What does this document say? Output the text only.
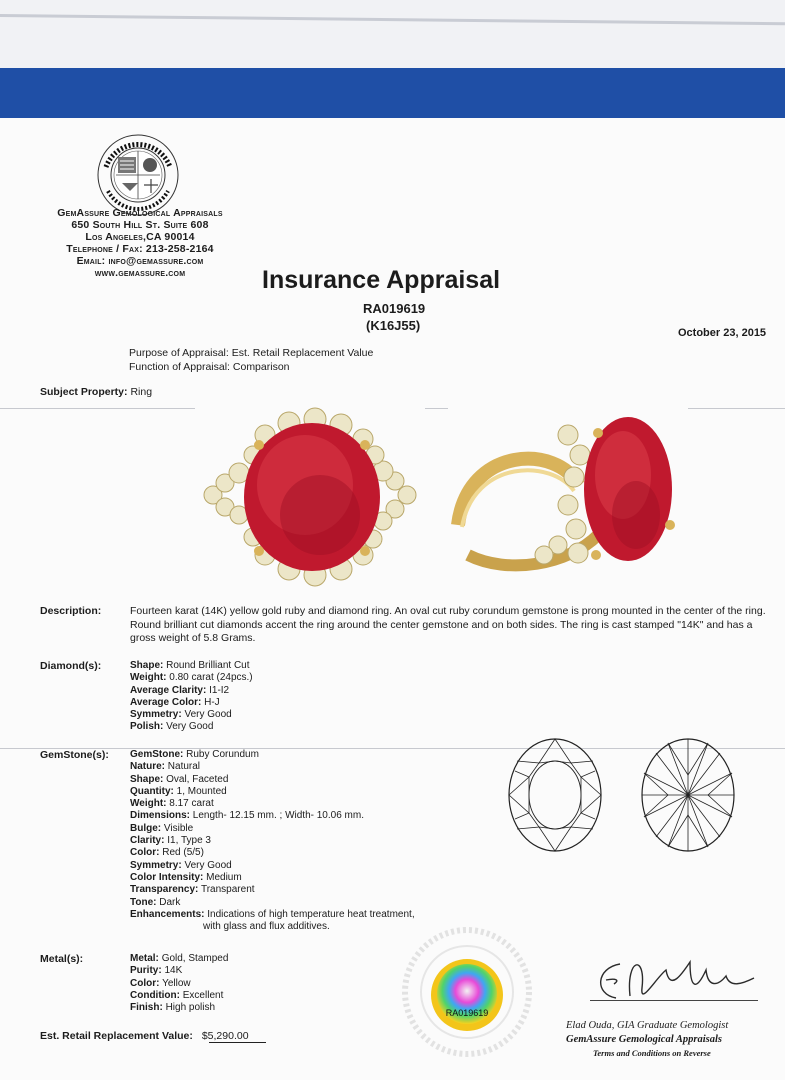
GemAssure Gemological Appraisals
650 South Hill St. Suite 608
Los Angeles,CA 90014
Telephone / Fax: 213-258-2164
Email: info@gemassure.com
www.gemassure.com	Insurance Appraisal
RA019619
(K16J55)	October 23, 2015
Purpose of Appraisal: Est. Retail Replacement Value
Function of Appraisal: Comparison
Subject Property: Ring
Description:	Fourteen karat (14K) yellow gold ruby and diamond ring. An oval cut ruby corundum gemstone is prong mounted in the center of the ring. Round brilliant cut diamonds accent the ring around the center gemstone and on both sides. The ring is cast stamped "14K" and has a gross weight of 5.8 Grams.
Diamond(s):	Shape: Round Brilliant Cut
Weight: 0.80 carat (24pcs.)
Average Clarity: I1-I2
Average Color: H-J
Symmetry: Very Good
Polish: Very Good
GemStone(s): GemStone: Ruby Corundum
Nature: Natural
Shape: Oval, Faceted
Quantity: 1, Mounted
Weight: 8.17 carat
Dimensions: Length- 12.15 mm. ; Width- 10.06 mm.
Bulge: Visible
Clarity: I1, Type 3
Color: Red (5/5)
Symmetry: Very Good
Color Intensity: Medium
Transparency: Transparent
Tone: Dark
Enhancements: Indications of high temperature heat treatment,
with glass and flux additives.
Metal(s):	Metal: Gold, Stamped
Purity: 14K
Color: Yellow
Condition: Excellent
Finish: High polish
Est. Retail Replacement Value: $5,290.00
RA019619
Elad Ouda, GIA Graduate Gemologist
GemAssure Gemological Appraisals
Terms and Conditions on Reverse
